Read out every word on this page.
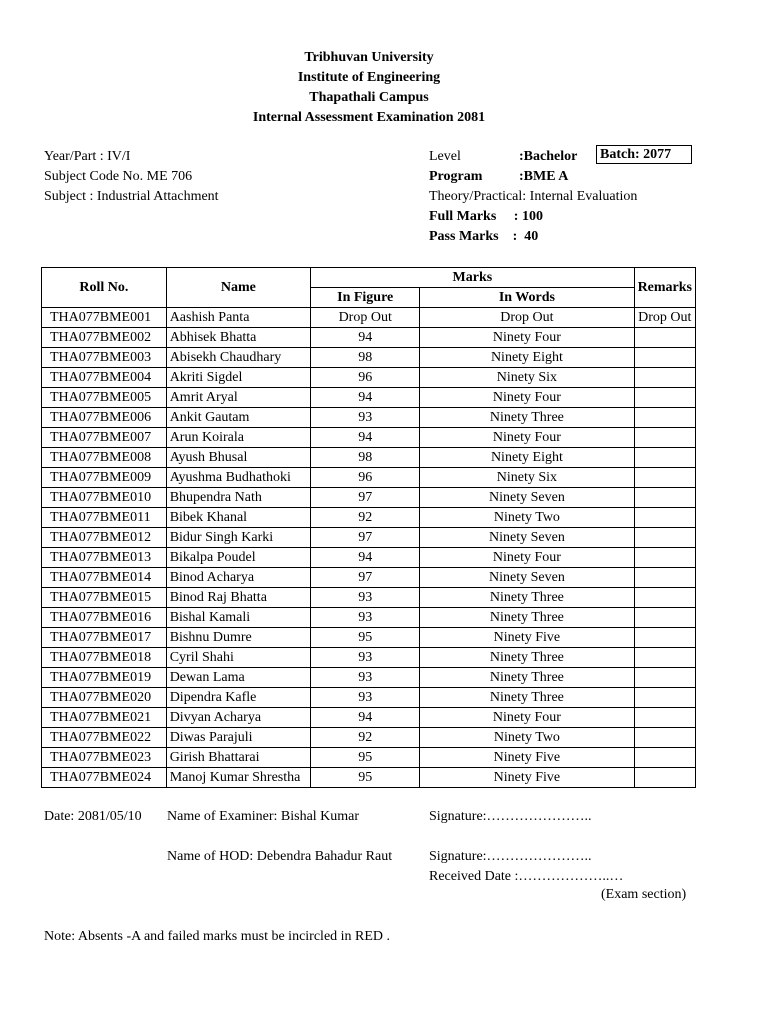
Tribhuvan University
Institute of Engineering
Thapathali Campus
Internal Assessment Examination 2081
Year/Part : IV/I
Subject Code No. ME 706
Subject : Industrial Attachment
Level	:Bachelor Batch: 2077
Program	:BME A
Theory/Practical: Internal Evaluation
Full Marks     : 100
Pass Marks    :  40
Roll No.	Name	Marks		Remarks
		In Figure	In Words	
THA077BME001	Aashish Panta	Drop Out	Drop Out	Drop Out
THA077BME002	Abhisek Bhatta	94	Ninety Four	
THA077BME003	Abisekh Chaudhary	98	Ninety Eight	
THA077BME004	Akriti Sigdel	96	Ninety Six	
THA077BME005	Amrit Aryal	94	Ninety Four	
THA077BME006	Ankit Gautam	93	Ninety Three	
THA077BME007	Arun Koirala	94	Ninety Four	
THA077BME008	Ayush Bhusal	98	Ninety Eight	
THA077BME009	Ayushma Budhathoki	96	Ninety Six	
THA077BME010	Bhupendra Nath	97	Ninety Seven	
THA077BME011	Bibek Khanal	92	Ninety Two	
THA077BME012	Bidur Singh Karki	97	Ninety Seven	
THA077BME013	Bikalpa Poudel	94	Ninety Four	
THA077BME014	Binod Acharya	97	Ninety Seven	
THA077BME015	Binod Raj Bhatta	93	Ninety Three	
THA077BME016	Bishal Kamali	93	Ninety Three	
THA077BME017	Bishnu Dumre	95	Ninety Five	
THA077BME018	Cyril Shahi	93	Ninety Three	
THA077BME019	Dewan Lama	93	Ninety Three	
THA077BME020	Dipendra Kafle	93	Ninety Three	
THA077BME021	Divyan Acharya	94	Ninety Four	
THA077BME022	Diwas Parajuli	92	Ninety Two	
THA077BME023	Girish Bhattarai	95	Ninety Five	
THA077BME024	Manoj Kumar Shrestha	95	Ninety Five	
Date: 2081/05/10 Name of Examiner: Bishal Kumar	Signature:…………………..
Name of HOD: Debendra Bahadur Raut	Signature:…………………..
Received Date :………………..…
(Exam section)
Note: Absents -A and failed marks must be incircled in RED .
